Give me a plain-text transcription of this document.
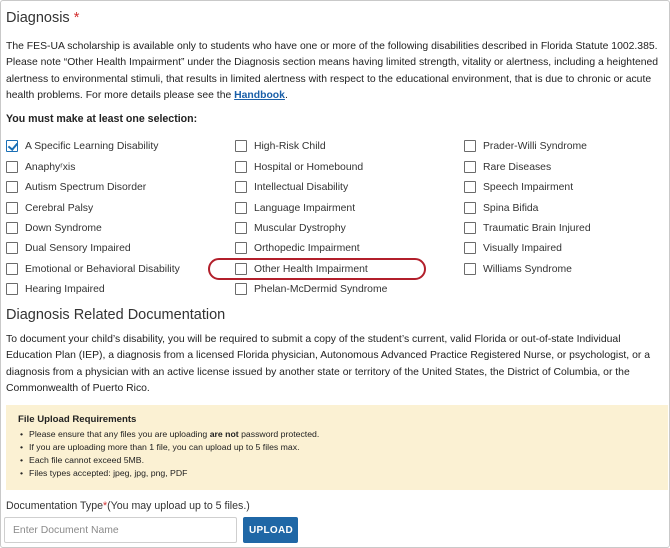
Diagnosis *
The FES-UA scholarship is available only to students who have one or more of the following disabilities described in Florida Statute 1002.385. Please note “Other Health Impairment” under the Diagnosis section means having limited strength, vitality or alertness, including a heightened alertness to environmental stimuli, that results in limited alertness with respect to the educational environment, that is due to chronic or acute health problems. For more details please see the Handbook.
You must make at least one selection:
A Specific Learning Disability
Anaphyʳxis
Autism Spectrum Disorder
Cerebral Palsy
Down Syndrome
Dual Sensory Impaired
Emotional or Behavioral Disability
Hearing Impaired
High-Risk Child
Hospital or Homebound
Intellectual Disability
Language Impairment
Muscular Dystrophy
Orthopedic Impairment
Other Health Impairment
Phelan-McDermid Syndrome
Prader-Willi Syndrome
Rare Diseases
Speech Impairment
Spina Bifida
Traumatic Brain Injured
Visually Impaired
Williams Syndrome
Diagnosis Related Documentation
To document your child’s disability, you will be required to submit a copy of the student’s current, valid Florida or out-of-state Individual Education Plan (IEP), a diagnosis from a licensed Florida physician, Autonomous Advanced Practice Registered Nurse, or psychologist, or a diagnosis from a physician with an active license issued by another state or territory of the United States, the District of Columbia, or the Commonwealth of Puerto Rico.
File Upload Requirements
• Please ensure that any files you are uploading are not password protected.
• If you are uploading more than 1 file, you can upload up to 5 files max.
• Each file cannot exceed 5MB.
• Files types accepted: jpeg, jpg, png, PDF
Documentation Type*(You may upload up to 5 files.)
Enter Document Name
UPLOAD
